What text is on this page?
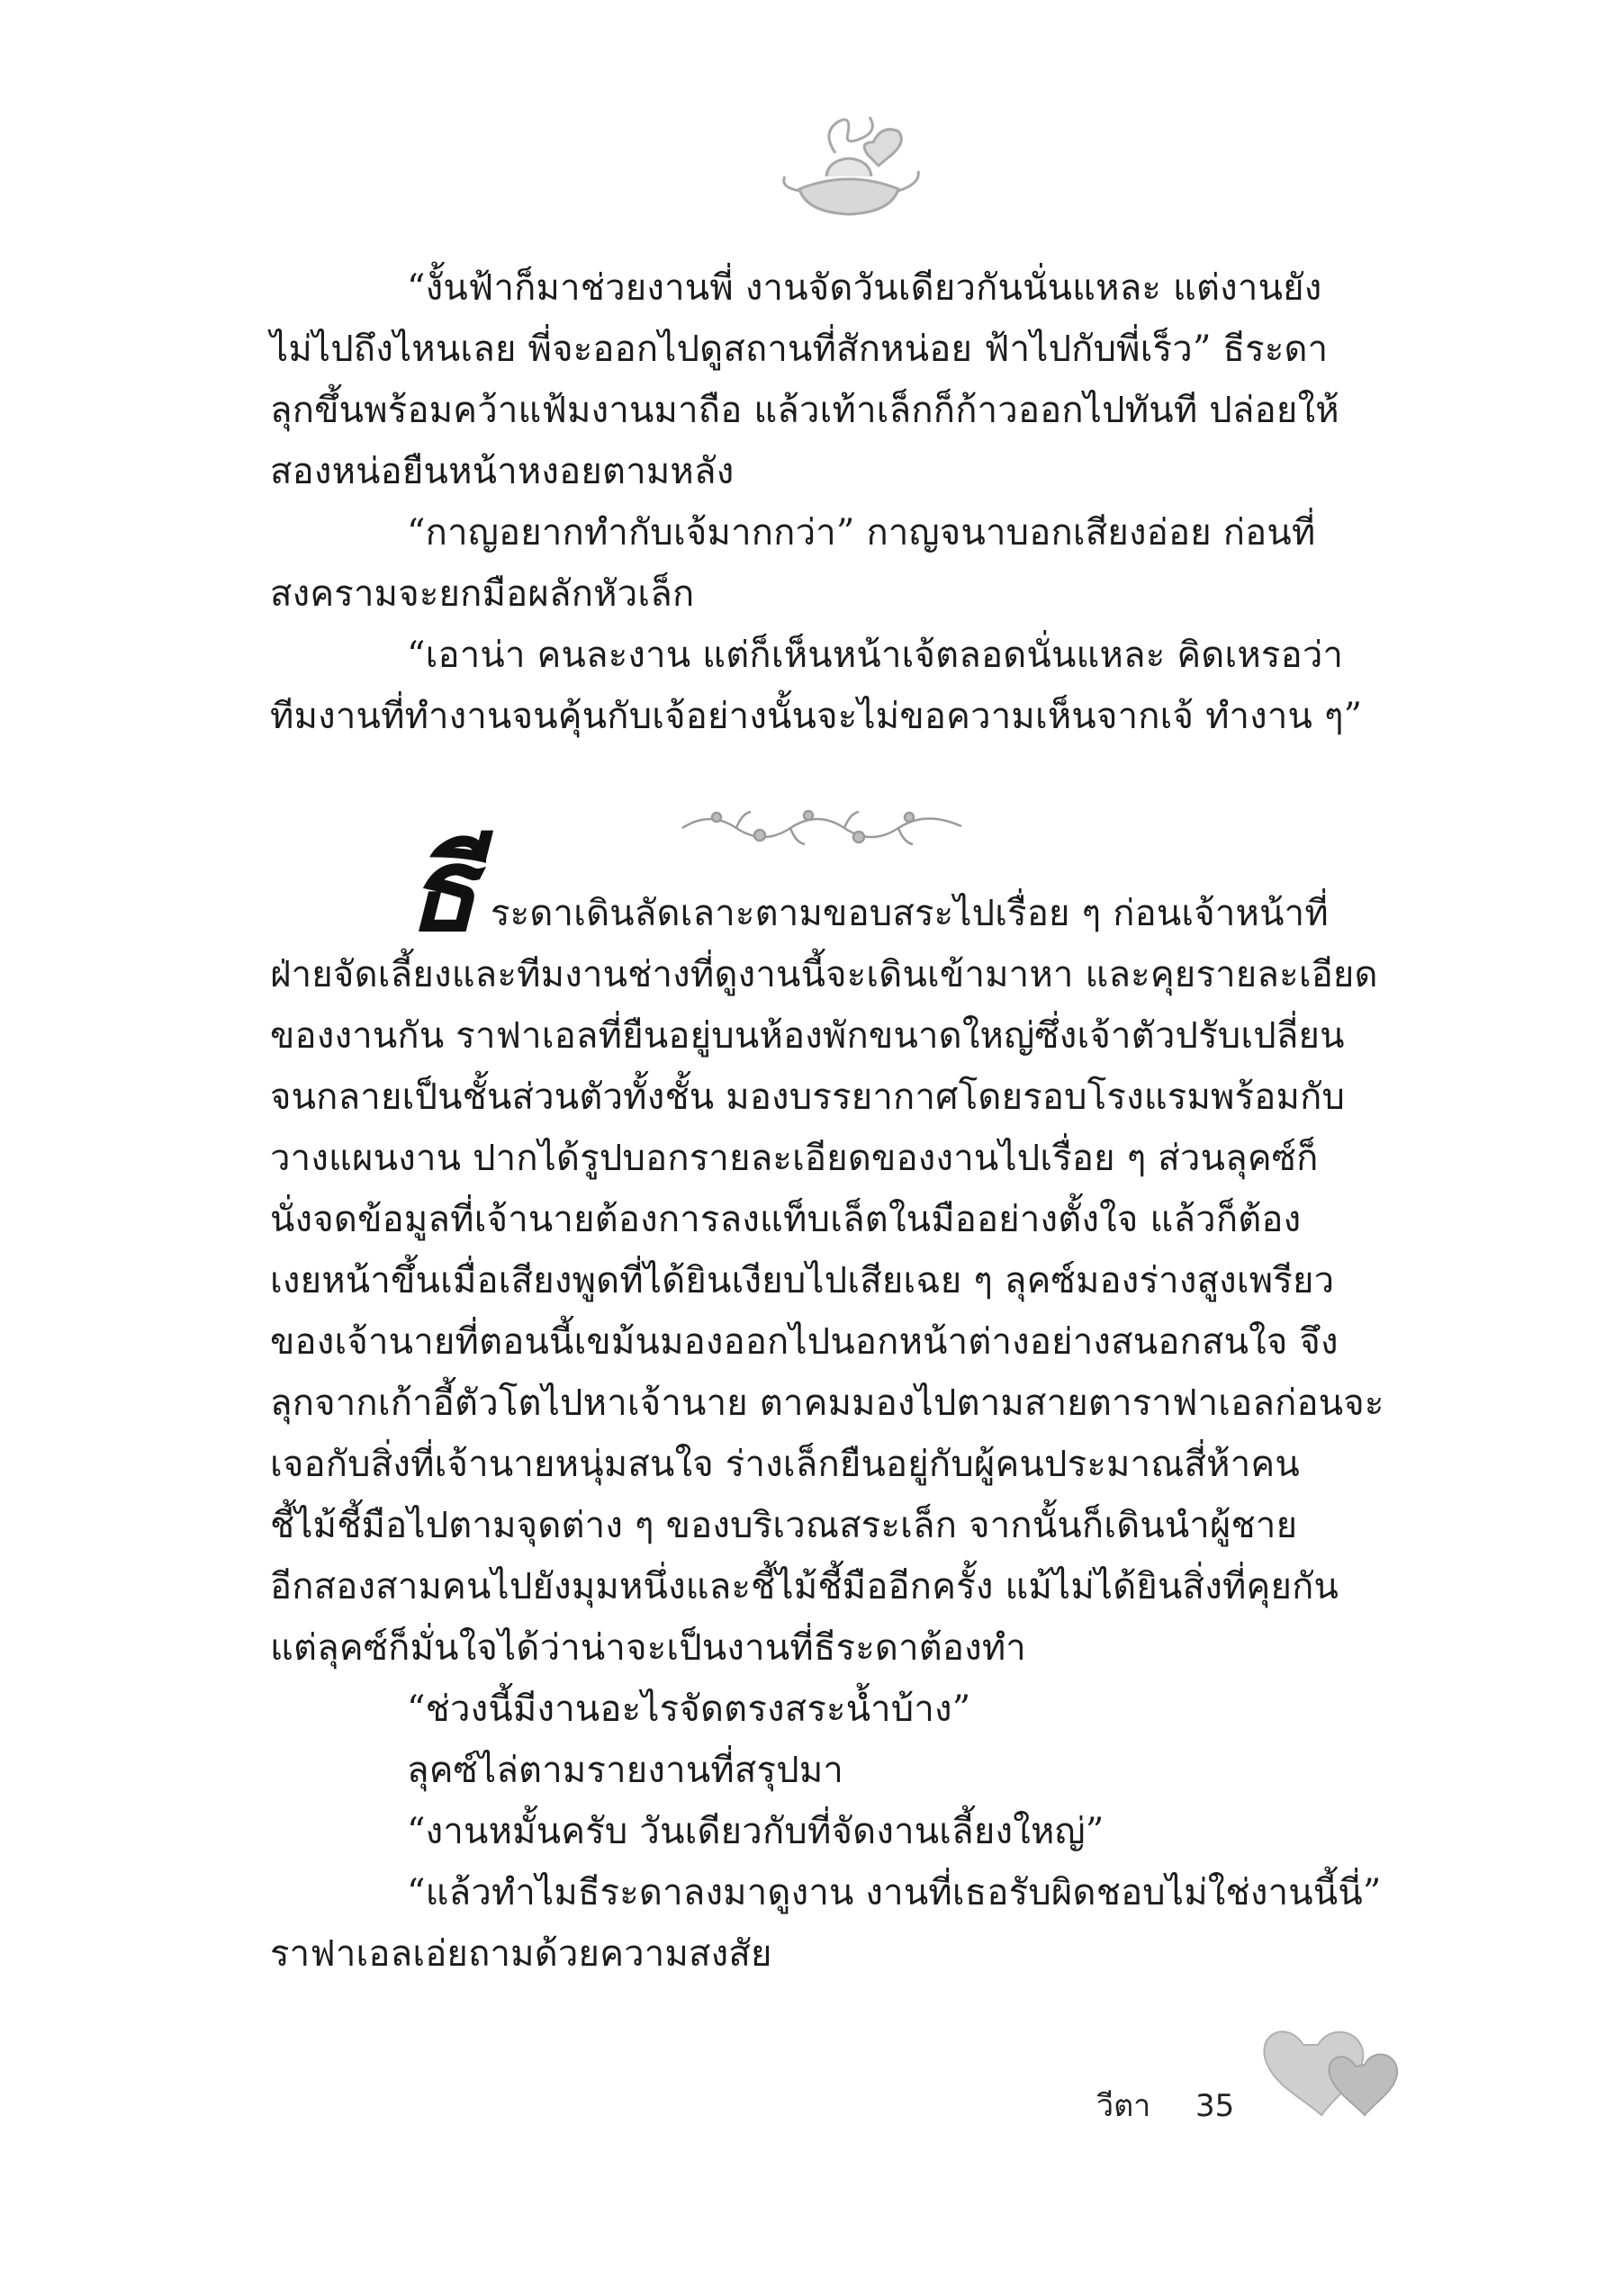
“งั้นฟ้าก็มาช่วยงานพี่ งานจัดวันเดียวกันนั่นแหละ แต่งานยัง
ไม่ไปถึงไหนเลย พี่จะออกไปดูสถานที่สักหน่อย ฟ้าไปกับพี่เร็ว” ธีระดา
ลุกขึ้นพร้อมคว้าแฟ้มงานมาถือ แล้วเท้าเล็กก็ก้าวออกไปทันที ปล่อยให้
สองหน่อยืนหน้าหงอยตามหลัง
“กาญอยากทำกับเจ้มากกว่า” กาญจนาบอกเสียงอ่อย ก่อนที่
สงครามจะยกมือผลักหัวเล็ก
“เอาน่า คนละงาน แต่ก็เห็นหน้าเจ้ตลอดนั่นแหละ คิดเหรอว่า
ทีมงานที่ทำงานจนคุ้นกับเจ้อย่างนั้นจะไม่ขอความเห็นจากเจ้ ทำงาน ๆ”
ธี ระดาเดินลัดเลาะตามขอบสระไปเรื่อย ๆ ก่อนเจ้าหน้าที่
ฝ่ายจัดเลี้ยงและทีมงานช่างที่ดูงานนี้จะเดินเข้ามาหา และคุยรายละเอียด
ของงานกัน ราฟาเอลที่ยืนอยู่บนห้องพักขนาดใหญ่ซึ่งเจ้าตัวปรับเปลี่ยน
จนกลายเป็นชั้นส่วนตัวทั้งชั้น มองบรรยากาศโดยรอบโรงแรมพร้อมกับ
วางแผนงาน ปากได้รูปบอกรายละเอียดของงานไปเรื่อย ๆ ส่วนลุคซ์ก็
นั่งจดข้อมูลที่เจ้านายต้องการลงแท็บเล็ตในมืออย่างตั้งใจ แล้วก็ต้อง
เงยหน้าขึ้นเมื่อเสียงพูดที่ได้ยินเงียบไปเสียเฉย ๆ ลุคซ์มองร่างสูงเพรียว
ของเจ้านายที่ตอนนี้เขม้นมองออกไปนอกหน้าต่างอย่างสนอกสนใจ จึง
ลุกจากเก้าอี้ตัวโตไปหาเจ้านาย ตาคมมองไปตามสายตาราฟาเอลก่อนจะ
เจอกับสิ่งที่เจ้านายหนุ่มสนใจ ร่างเล็กยืนอยู่กับผู้คนประมาณสี่ห้าคน
ชี้ไม้ชี้มือไปตามจุดต่าง ๆ ของบริเวณสระเล็ก จากนั้นก็เดินนำผู้ชาย
อีกสองสามคนไปยังมุมหนึ่งและชี้ไม้ชี้มืออีกครั้ง แม้ไม่ได้ยินสิ่งที่คุยกัน
แต่ลุคซ์ก็มั่นใจได้ว่าน่าจะเป็นงานที่ธีระดาต้องทำ
“ช่วงนี้มีงานอะไรจัดตรงสระน้ำบ้าง”
ลุคซ์ไล่ตามรายงานที่สรุปมา
“งานหมั้นครับ วันเดียวกับที่จัดงานเลี้ยงใหญ่”
“แล้วทำไมธีระดาลงมาดูงาน งานที่เธอรับผิดชอบไม่ใช่งานนี้นี่”
ราฟาเอลเอ่ยถามด้วยความสงสัย
วีตา 35
